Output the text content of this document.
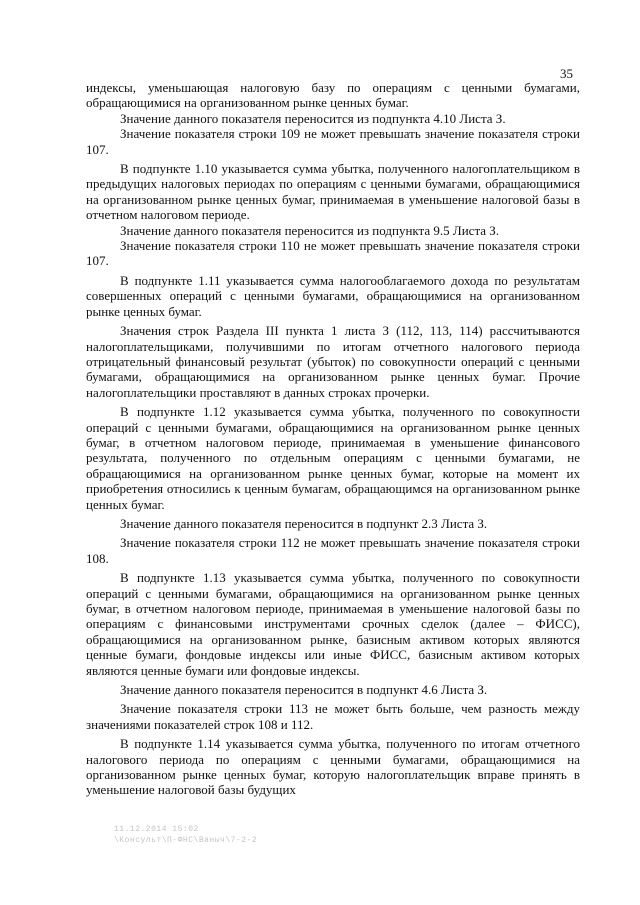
35

индексы, уменьшающая налоговую базу по операциям с ценными бумагами, обращающимися на организованном рынке ценных бумаг.

Значение данного показателя переносится из подпункта 4.10 Листа З.

Значение показателя строки 109 не может превышать значение показателя строки 107.

В подпункте 1.10 указывается сумма убытка, полученного налогоплательщиком в предыдущих налоговых периодах по операциям с ценными бумагами, обращающимися на организованном рынке ценных бумаг, принимаемая в уменьшение налоговой базы в отчетном налоговом периоде.

Значение данного показателя переносится из подпункта 9.5 Листа З.

Значение показателя строки 110 не может превышать значение показателя строки 107.

В подпункте 1.11 указывается сумма налогооблагаемого дохода по результатам совершенных операций с ценными бумагами, обращающимися на организованном рынке ценных бумаг.

Значения строк Раздела III пункта 1 листа З (112, 113, 114) рассчитываются налогоплательщиками, получившими по итогам отчетного налогового периода отрицательный финансовый результат (убыток) по совокупности операций с ценными бумагами, обращающимися на организованном рынке ценных бумаг. Прочие налогоплательщики проставляют в данных строках прочерки.

В подпункте 1.12 указывается сумма убытка, полученного по совокупности операций с ценными бумагами, обращающимися на организованном рынке ценных бумаг, в отчетном налоговом периоде, принимаемая в уменьшение финансового результата, полученного по отдельным операциям с ценными бумагами, не обращающимися на организованном рынке ценных бумаг, которые на момент их приобретения относились к ценным бумагам, обращающимся на организованном рынке ценных бумаг.

Значение данного показателя переносится в подпункт 2.3 Листа З.

Значение показателя строки 112 не может превышать значение показателя строки 108.

В подпункте 1.13 указывается сумма убытка, полученного по совокупности операций с ценными бумагами, обращающимися на организованном рынке ценных бумаг, в отчетном налоговом периоде, принимаемая в уменьшение налоговой базы по операциям с финансовыми инструментами срочных сделок (далее – ФИСС), обращающимися на организованном рынке, базисным активом которых являются ценные бумаги, фондовые индексы или иные ФИСС, базисным активом которых являются ценные бумаги или фондовые индексы.

Значение данного показателя переносится в подпункт 4.6 Листа З.

Значение показателя строки 113 не может быть больше, чем разность между значениями показателей строк 108 и 112.

В подпункте 1.14 указывается сумма убытка, полученного по итогам отчетного налогового периода по операциям с ценными бумагами, обращающимися на организованном рынке ценных бумаг, которую налогоплательщик вправе принять в уменьшение налоговой базы будущих

11.12.2014 15:02
\Консульт\П-ФНС\Ваныч\7-2-2
